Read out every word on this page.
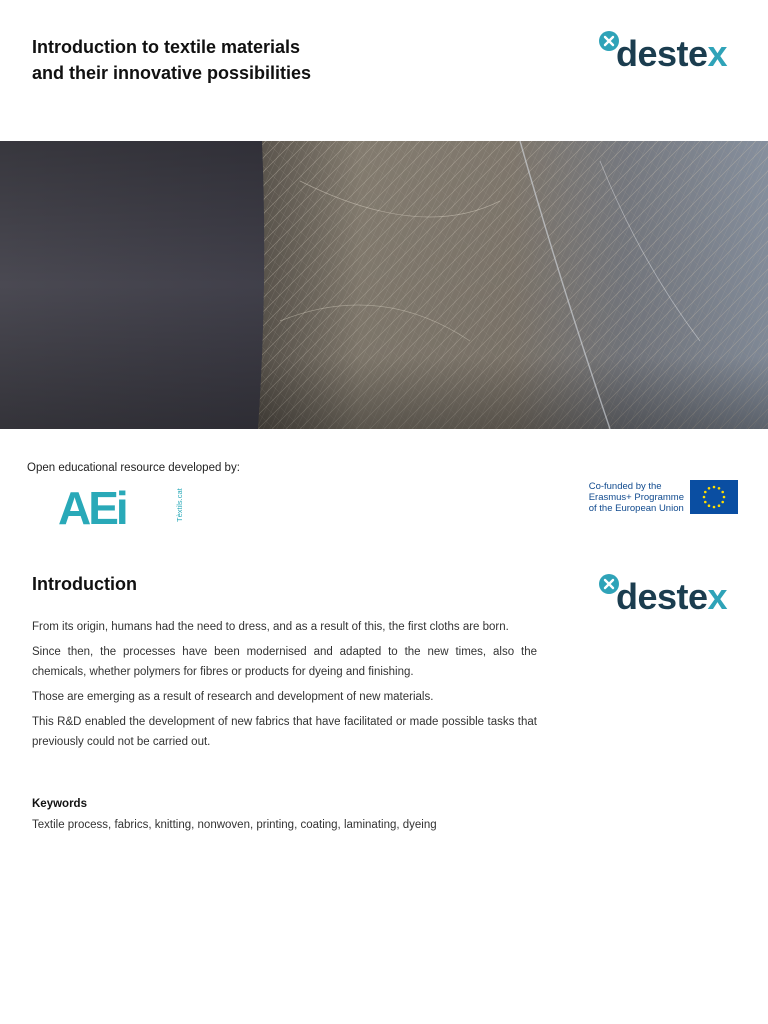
Introduction to textile materials
and their innovative possibilities	destex
Open educational resource developed by:
AEi	Tèxtils.cat
Co-funded by the
Erasmus+ Programme
of the European Union
Introduction	destex

From its origin, humans had the need to dress, and as a result of this, the first cloths are born.

Since then, the processes have been modernised and adapted to the new times, also the chemicals, whether polymers for fibres or products for dyeing and finishing.

Those are emerging as a result of research and development of new materials.

This R&D enabled the development of new fabrics that have facilitated or made possible tasks that previously could not be carried out.

Keywords
Textile process, fabrics, knitting, nonwoven, printing, coating, laminating, dyeing
